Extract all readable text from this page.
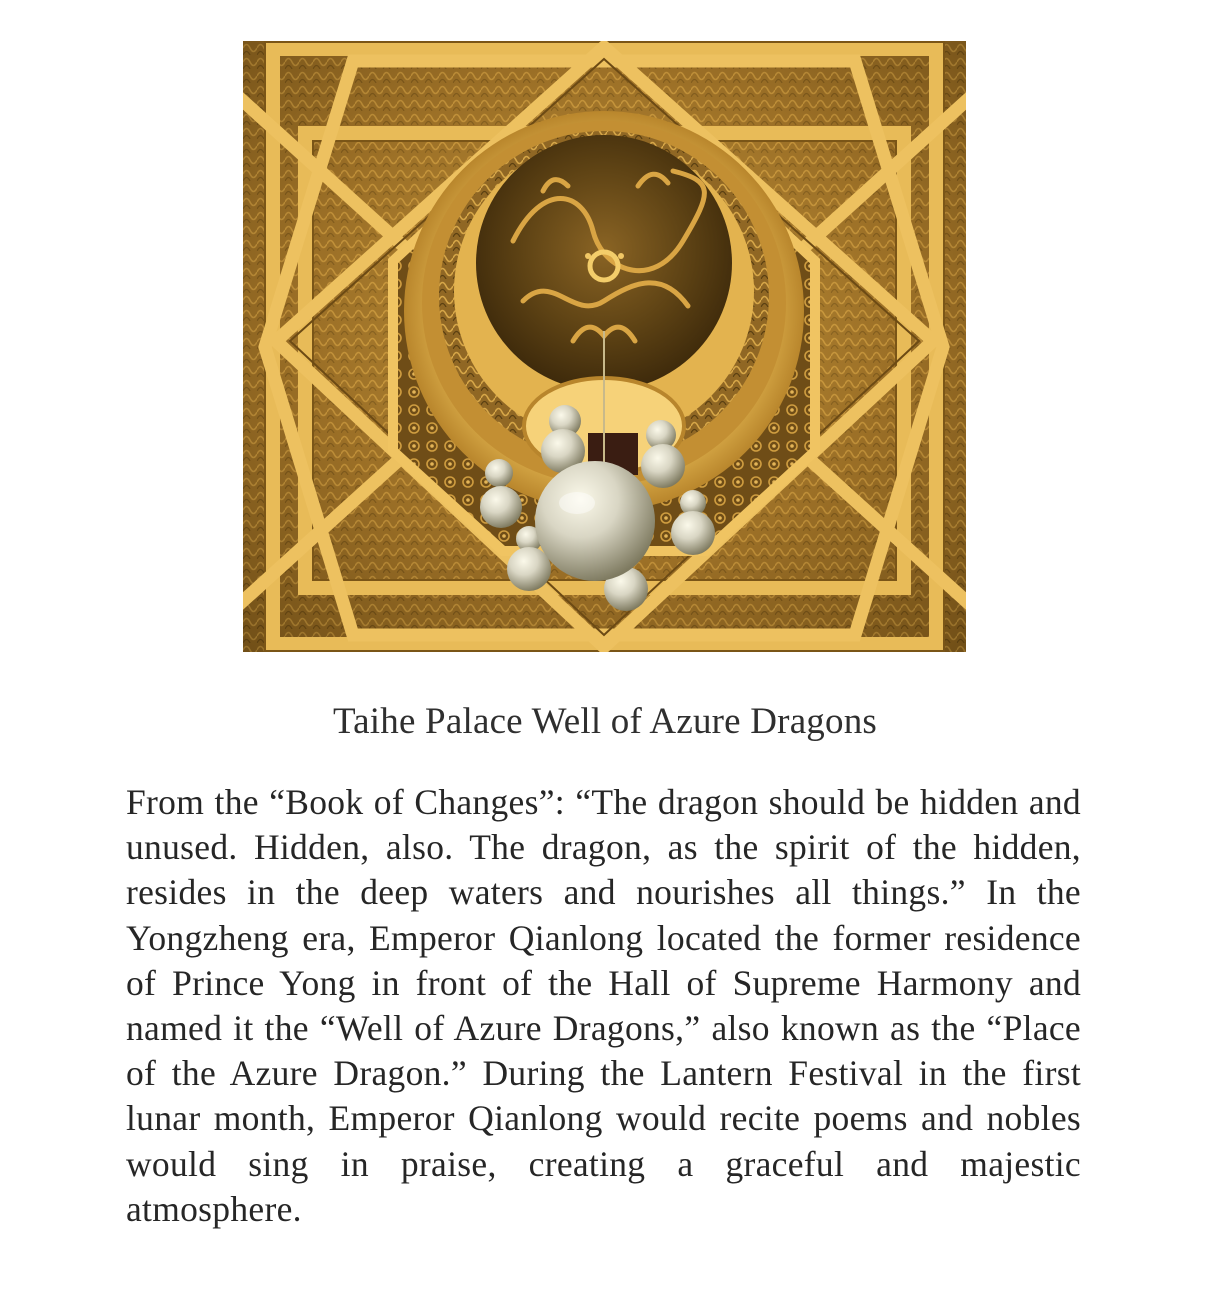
Taihe Palace Well of Azure Dragons
From the “Book of Changes”: “The dragon should be hidden and unused. Hidden, also. The dragon, as the spirit of the hidden, resides in the deep waters and nourishes all things.” In the Yongzheng era, Emperor Qianlong located the former residence of Prince Yong in front of the Hall of Supreme Harmony and named it the “Well of Azure Dragons,” also known as the “Place of the Azure Dragon.” During the Lantern Festival in the first lunar month, Emperor Qianlong would recite poems and nobles would sing in praise, creating a graceful and majestic atmosphere.
